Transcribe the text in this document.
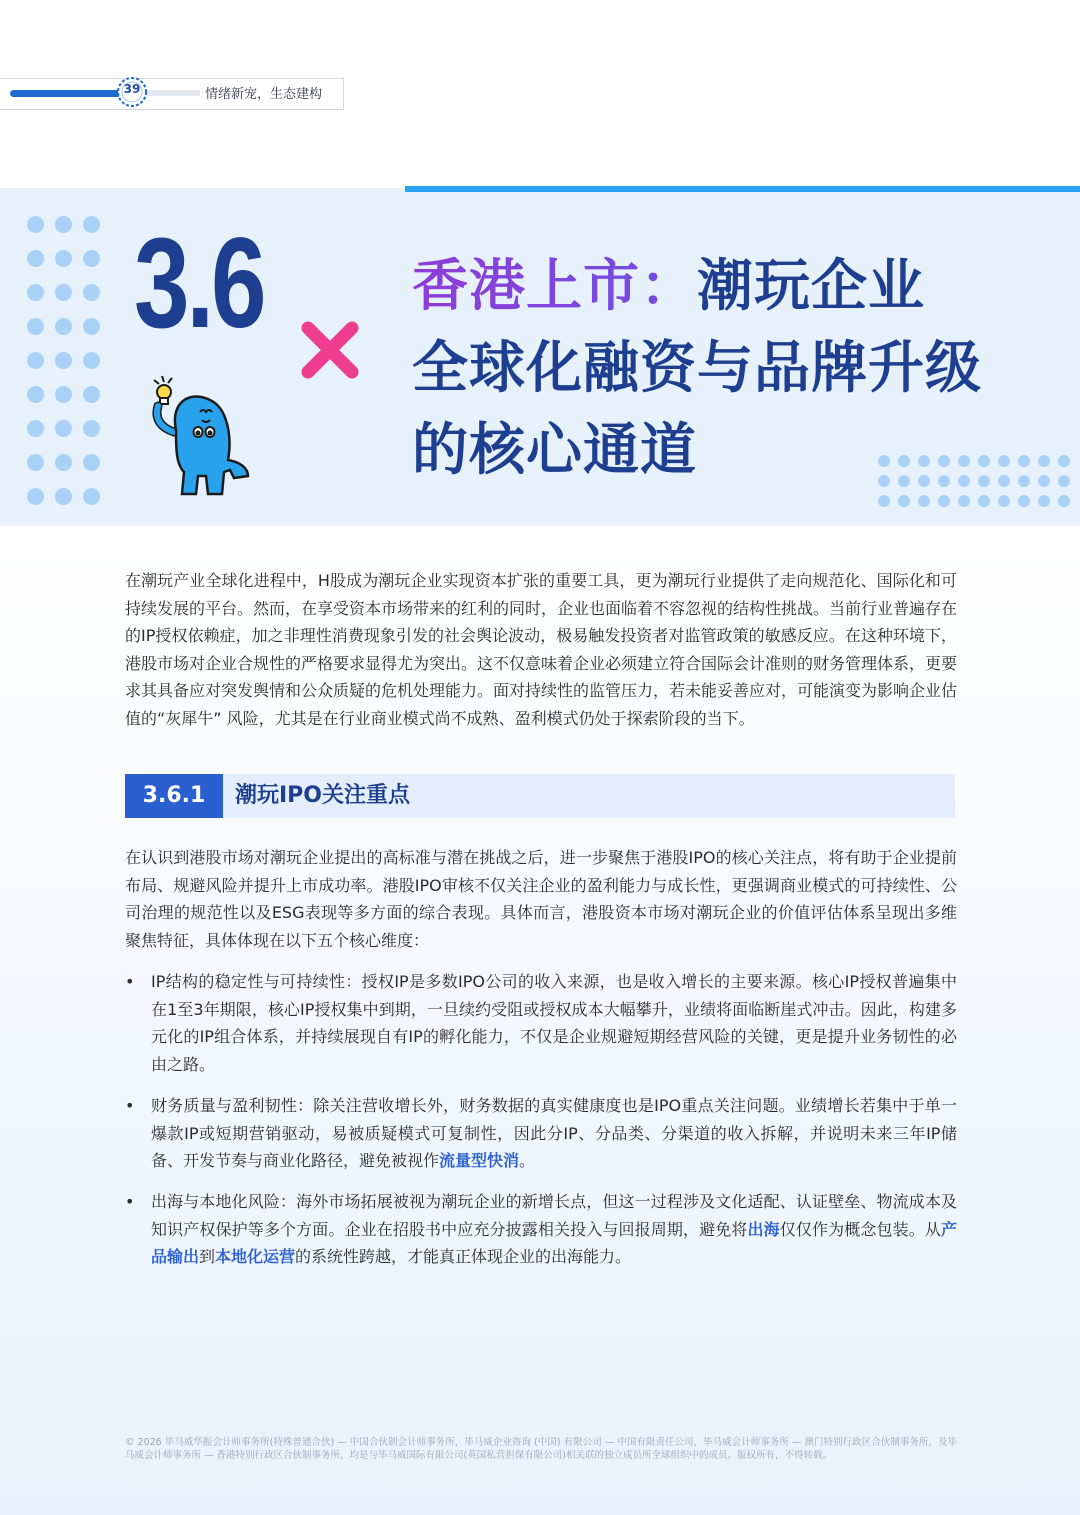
39	情绪新宠，生态建构
3.6	香港上市：潮玩企业
全球化融资与品牌升级
的核心通道

在潮玩产业全球化进程中，H股成为潮玩企业实现资本扩张的重要工具，更为潮玩行业提供了走向规范化、国际化和可持续发展的平台。然而，在享受资本市场带来的红利的同时，企业也面临着不容忽视的结构性挑战。当前行业普遍存在的IP授权依赖症，加之非理性消费现象引发的社会舆论波动，极易触发投资者对监管政策的敏感反应。在这种环境下，港股市场对企业合规性的严格要求显得尤为突出。这不仅意味着企业必须建立符合国际会计准则的财务管理体系，更要求其具备应对突发舆情和公众质疑的危机处理能力。面对持续性的监管压力，若未能妥善应对，可能演变为影响企业估值的“灰犀牛” 风险，尤其是在行业商业模式尚不成熟、盈利模式仍处于探索阶段的当下。

3.6.1	潮玩IPO关注重点

在认识到港股市场对潮玩企业提出的高标准与潜在挑战之后，进一步聚焦于港股IPO的核心关注点，将有助于企业提前布局、规避风险并提升上市成功率。港股IPO审核不仅关注企业的盈利能力与成长性，更强调商业模式的可持续性、公司治理的规范性以及ESG表现等多方面的综合表现。具体而言，港股资本市场对潮玩企业的价值评估体系呈现出多维聚焦特征，具体体现在以下五个核心维度：

• IP结构的稳定性与可持续性：授权IP是多数IPO公司的收入来源，也是收入增长的主要来源。核心IP授权普遍集中在1至3年期限，核心IP授权集中到期，一旦续约受阻或授权成本大幅攀升，业绩将面临断崖式冲击。因此，构建多元化的IP组合体系，并持续展现自有IP的孵化能力，不仅是企业规避短期经营风险的关键，更是提升业务韧性的必由之路。

• 财务质量与盈利韧性：除关注营收增长外，财务数据的真实健康度也是IPO重点关注问题。业绩增长若集中于单一爆款IP或短期营销驱动，易被质疑模式可复制性，因此分IP、分品类、分渠道的收入拆解，并说明未来三年IP储备、开发节奏与商业化路径，避免被视作流量型快消。

• 出海与本地化风险：海外市场拓展被视为潮玩企业的新增长点，但这一过程涉及文化适配、认证壁垒、物流成本及知识产权保护等多个方面。企业在招股书中应充分披露相关投入与回报周期，避免将出海仅仅作为概念包装。从产品输出到本地化运营的系统性跨越，才能真正体现企业的出海能力。

© 2026 毕马威华振会计师事务所(特殊普通合伙) — 中国合伙制会计师事务所，毕马威企业咨询 (中国) 有限公司 — 中国有限责任公司，毕马威会计师事务所 — 澳门特别行政区合伙制事务所，及毕马威会计师事务所 — 香港特别行政区合伙制事务所，均是与毕马威国际有限公司(英国私营担保有限公司)相关联的独立成员所全球组织中的成员。版权所有，不得转载。
